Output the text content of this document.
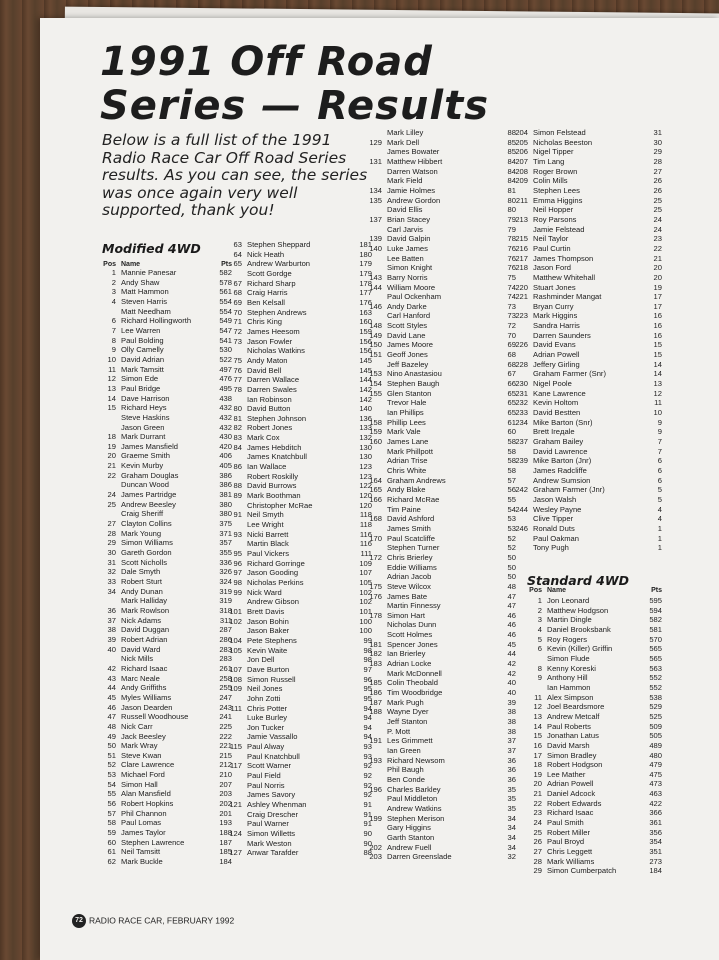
1991 Off Road
Series — Results
Below is a full list of the 1991 Radio Race Car Off Road Series results. As you can see, the series was once again very well supported, thank you!
Modified 4WD
Standard 4WD
Pos Name	Pts
Pos Name	Pts
1 Mannie Panesar	582
2 Andy Shaw	578
3 Matt Hammon	561
4 Steven Harris	554
Matt Needham	554
6 Richard Hollingworth	549
7 Lee Warren	547
8 Paul Bolding	541
9 Olly Camelly	530
10 David Adrian	522
11 Mark Tamsitt	497
12 Simon Ede	476
13 Paul Bridge	495
14 Dave Harrison	438
15 Richard Heys	432
Steve Haskins	432
Jason Green	432
18 Mark Durrant	430
19 James Mansfield	420
20 Graeme Smith	406
21 Kevin Murby	405
22 Graham Douglas	386
Duncan Wood	386
24 James Partridge	381
25 Andrew Beesley	380
Craig Sheriff	380
27 Clayton Collins	375
28 Mark Young	371
29 Simon Williams	357
30 Gareth Gordon	355
31 Scott Nicholls	336
32 Dale Smyth	326
33 Robert Sturt	324
34 Andy Dunan	319
Mark Halliday	319
36 Mark Rowlson	318
37 Nick Adams	311
38 David Duggan	287
39 Robert Adrian	286
40 David Ward	283
Nick Mills	283
42 Richard Isaac	261
43 Marc Neale	258
44 Andy Griffiths	255
45 Myles Williams	247
46 Jason Dearden	243
47 Russell Woodhouse	241
48 Nick Carr	225
49 Jack Beesley	222
50 Mark Wray	221
51 Steve Kwan	215
52 Clare Lawrence	212
53 Michael Ford	210
54 Simon Hall	207
55 Alan Mansfield	203
56 Robert Hopkins	202
57 Phil Channon	201
58 Paul Lomas	193
59 James Taylor	188
60 Stephen Lawrence	187
61 Neil Tamsitt	185
62 Mark Buckle	184
63 Stephen Sheppard	181
64 Nick Heath	180
65 Andrew Warburton	179
Scott Gordge	179
67 Richard Sharp	178
68 Craig Harris	177
69 Ben Kelsall	176
70 Stephen Andrews	163
71 Chris King	160
72 James Heesom	159
73 Jason Fowler	156
Nicholas Watkins	156
75 Andy Maton	145
76 David Bell	145
77 Darren Wallace	144
78 Darren Swales	142
Ian Robinson	142
80 David Button	140
81 Stephen Johnson	136
82 Robert Jones	133
83 Mark Cox	132
84 James Hebditch	130
James Knatchbull	130
86 Ian Wallace	123
Robert Roskilly	123
88 David Burrows	122
89 Mark Boothman	120
Christopher McRae	120
91 Neil Smyth	118
Lee Wright	118
93 Nicki Barrett	116
Martin Black	116
95 Paul Vickers	111
96 Richard Gorringe	109
97 Jason Gooding	107
98 Nicholas Perkins	105
99 Nick Ward	102
Andrew Gibson	102
101 Brett Davis	101
102 Jason Bohin	100
Jason Baker	100
104 Pete Stephens	99
105 Kevin Waite	98
Jon Dell	98
107 Dave Burton	97
108 Simon Russell	96
109 Neil Jones	95
John Zotti	95
111 Chris Potter	94
Luke Burley	94
Jon Tucker	94
Jamie Vassallo	94
115 Paul Alway	93
Paul Knatchbull	93
117 Scott Warner	92
Paul Field	92
Paul Norris	92
James Savory	92
121 Ashley Whenman	91
Craig Drescher	91
Paul Warner	91
124 Simon Willetts	90
Mark Weston	90
127 Anwar Tarafder	88
Mark Lilley	88
129 Mark Dell	85
James Bowater	85
131 Matthew Hibbert	84
Darren Watson	84
Mark Field	84
134 Jamie Holmes	81
135 Andrew Gordon	80
David Ellis	80
137 Brian Stacey	79
Carl Jarvis	79
139 David Galpin	78
140 Luke James	76
Lee Batten	76
Simon Knight	76
143 Barry Norris	75
144 William Moore	74
Paul Ockenham	74
146 Andy Darke	73
Carl Hanford	73
148 Scott Styles	72
149 David Lane	70
150 James Moore	69
151 Geoff Jones	68
Jeff Bazeley	68
153 Nino Anastasiou	67
154 Stephen Baugh	66
155 Glen Stanton	65
Trevor Hale	65
Ian Phillips	65
158 Phillip Lees	61
159 Mark Vale	60
160 James Lane	58
Mark Phillpott	58
Adrian Trise	58
Chris White	58
164 Graham Andrews	57
165 Andy Blake	56
166 Richard McRae	55
Tim Paine	54
168 David Ashford	53
James Smith	53
170 Paul Scatcliffe	52
Stephen Turner	52
172 Chris Brierley	50
Eddie Williams	50
Adrian Jacob	50
175 Steve Wilcox	48
176 James Bate	47
Martin Finnessy	47
178 Simon Hart	46
Nicholas Dunn	46
Scott Holmes	46
181 Spencer Jones	45
182 Ian Brierley	44
183 Adrian Locke	42
Mark McDonnell	42
185 Colin Theobald	40
186 Tim Woodbridge	40
187 Mark Pugh	39
188 Wayne Dyer	38
Jeff Stanton	38
P. Mott	38
191 Les Grimmett	37
Ian Green	37
193 Richard Newsom	36
Phil Baugh	36
Ben Conde	36
196 Charles Barkley	35
Paul Middleton	35
Andrew Watkins	35
199 Stephen Merison	34
Gary Higgins	34
Garth Stanton	34
202 Andrew Fuell	34
203 Darren Greenslade	32
204 Simon Felstead	31
205 Nicholas Beeston	30
206 Nigel Tipper	29
207 Tim Lang	28
208 Roger Brown	27
209 Colin Mills	26
Stephen Lees	26
211 Emma Higgins	25
Neil Hopper	25
213 Roy Parsons	24
Jamie Felstead	24
215 Neil Taylor	23
216 Paul Curtin	22
217 James Thompson	21
218 Jason Ford	20
Matthew Whitehall	20
220 Stuart Jones	19
221 Rashminder Mangat	17
Bryan Curry	17
223 Mark Higgins	16
Sandra Harris	16
Darren Saunders	16
226 David Evans	15
Adrian Powell	15
228 Jeffery Girling	14
Graham Farmer (Snr)	14
230 Nigel Poole	13
231 Kane Lawrence	12
232 Kevin Holtom	11
233 David Bestten	10
234 Mike Barton (Snr)	9
Brett Ireдale	9
237 Graham Bailey	7
David Lawrence	7
239 Mike Barton (Jnr)	6
James Radcliffe	6
Andrew Sumsion	6
242 Graham Farmer (Jnr)	5
Jason Walsh	5
244 Wesley Payne	4
Clive Tipper	4
246 Ronald Duts	1
Paul Oakman	1
Tony Pugh	1
1 Jon Leonard	595
2 Matthew Hodgson	594
3 Martin Dingle	582
4 Daniel Brooksbank	581
5 Roy Rogers	570
6 Kevin (Killer) Griffin	565
Simon Flude	565
8 Kenny Koreski	563
9 Anthony Hill	552
Ian Hammon	552
11 Alex Simpson	538
12 Joel Beardsmore	529
13 Andrew Metcalf	525
14 Paul Roberts	509
15 Jonathan Latus	505
16 David Marsh	489
17 Simon Bradley	480
18 Robert Hodgson	479
19 Lee Mather	475
20 Adrian Powell	473
21 Daniel Adcock	463
22 Robert Edwards	422
23 Richard Isaac	366
24 Paul Smith	361
25 Robert Miller	356
26 Paul Broyd	354
27 Chris Leggett	351
28 Mark Williams	273
29 Simon Cumberpatch	184
72 RADIO RACE CAR, FEBRUARY 1992
